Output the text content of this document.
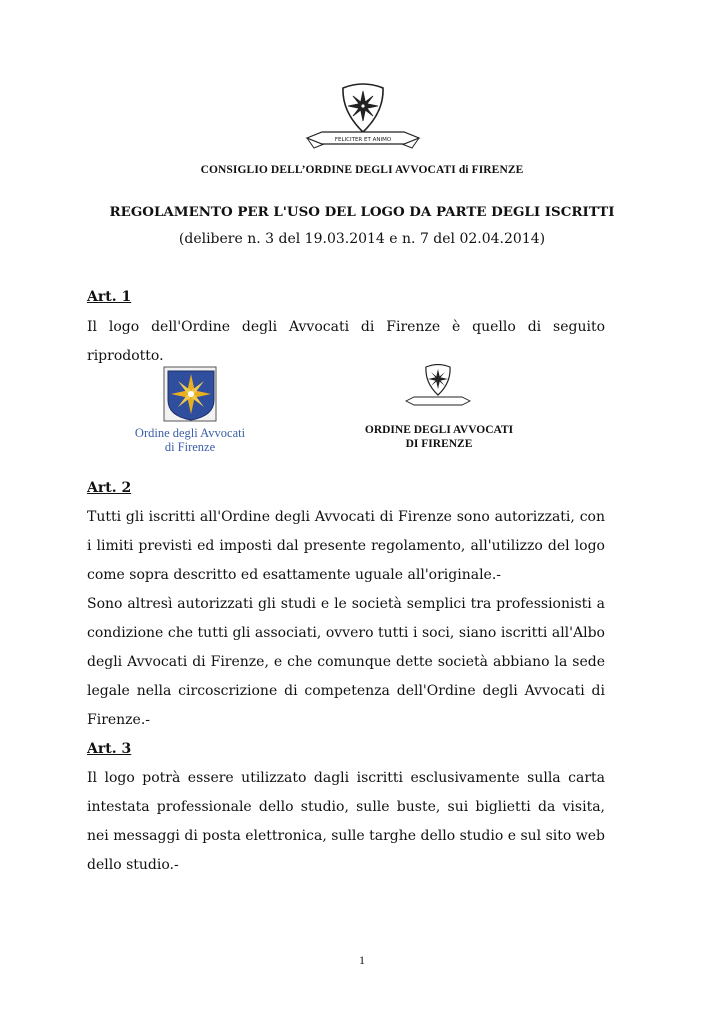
FELICITER ET ANIMO
CONSIGLIO DELL’ORDINE DEGLI AVVOCATI di FIRENZE
REGOLAMENTO PER L'USO DEL LOGO DA PARTE DEGLI ISCRITTI
(delibere n. 3 del 19.03.2014 e n. 7 del 02.04.2014)
Art. 1

Il logo dell'Ordine degli Avvocati di Firenze è quello di seguito riprodotto.

Ordine degli Avvocati
di Firenze
ORDINE DEGLI AVVOCATI
DI FIRENZE
Art. 2

Tutti gli iscritti all'Ordine degli Avvocati di Firenze sono autorizzati, con

i limiti previsti ed imposti dal presente regolamento, all'utilizzo del logo

come sopra descritto ed esattamente uguale all'originale.-

Sono altresì autorizzati gli studi e le società semplici tra professionisti a

condizione che tutti gli associati, ovvero tutti i soci, siano iscritti all'Albo

degli Avvocati di Firenze, e che comunque dette società abbiano la sede

legale nella circoscrizione di competenza dell'Ordine degli Avvocati di

Firenze.-

Art. 3

Il logo potrà essere utilizzato dagli iscritti esclusivamente sulla carta

intestata professionale dello studio, sulle buste, sui biglietti da visita,

nei messaggi di posta elettronica, sulle targhe dello studio e sul sito web

dello studio.-

1
